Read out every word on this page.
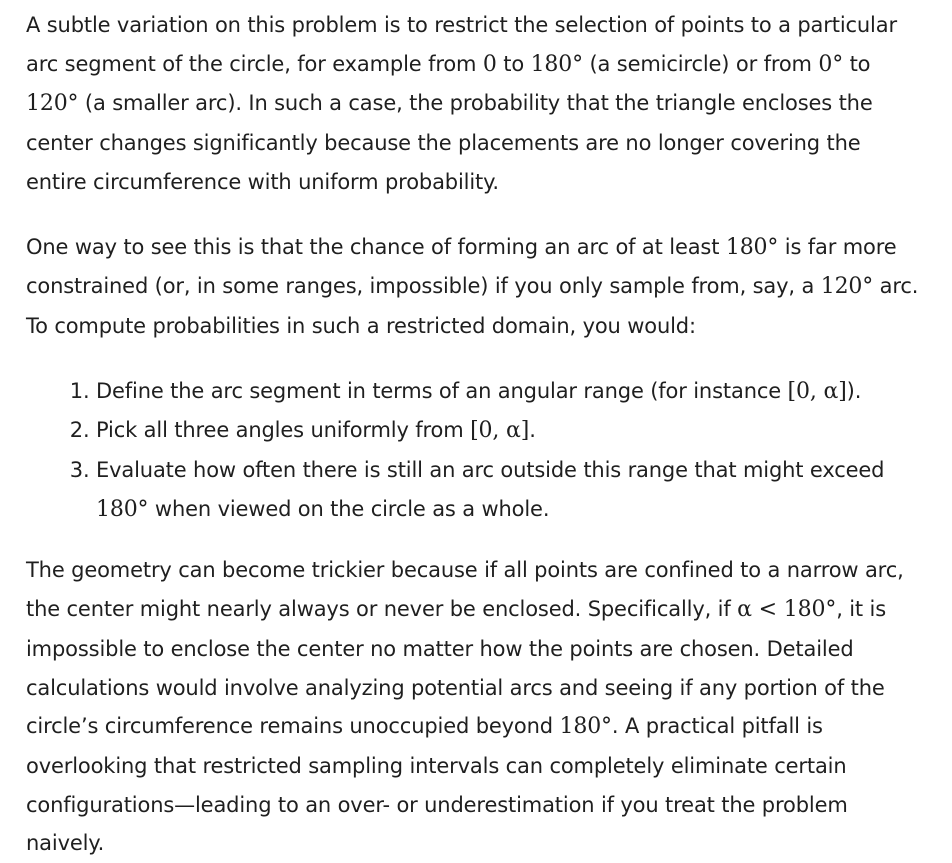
A subtle variation on this problem is to restrict the selection of points to a particular arc segment of the circle, for example from 0 to 180° (a semicircle) or from 0° to 120° (a smaller arc). In such a case, the probability that the triangle encloses the center changes significantly because the placements are no longer covering the entire circumference with uniform probability.

One way to see this is that the chance of forming an arc of at least 180° is far more constrained (or, in some ranges, impossible) if you only sample from, say, a 120° arc. To compute probabilities in such a restricted domain, you would:

1. Define the arc segment in terms of an angular range (for instance [0, α]).
2. Pick all three angles uniformly from [0, α].
3. Evaluate how often there is still an arc outside this range that might exceed 180° when viewed on the circle as a whole.

The geometry can become trickier because if all points are confined to a narrow arc, the center might nearly always or never be enclosed. Specifically, if α < 180°, it is impossible to enclose the center no matter how the points are chosen. Detailed calculations would involve analyzing potential arcs and seeing if any portion of the circle’s circumference remains unoccupied beyond 180°. A practical pitfall is overlooking that restricted sampling intervals can completely eliminate certain configurations—leading to an over- or underestimation if you treat the problem naively.
